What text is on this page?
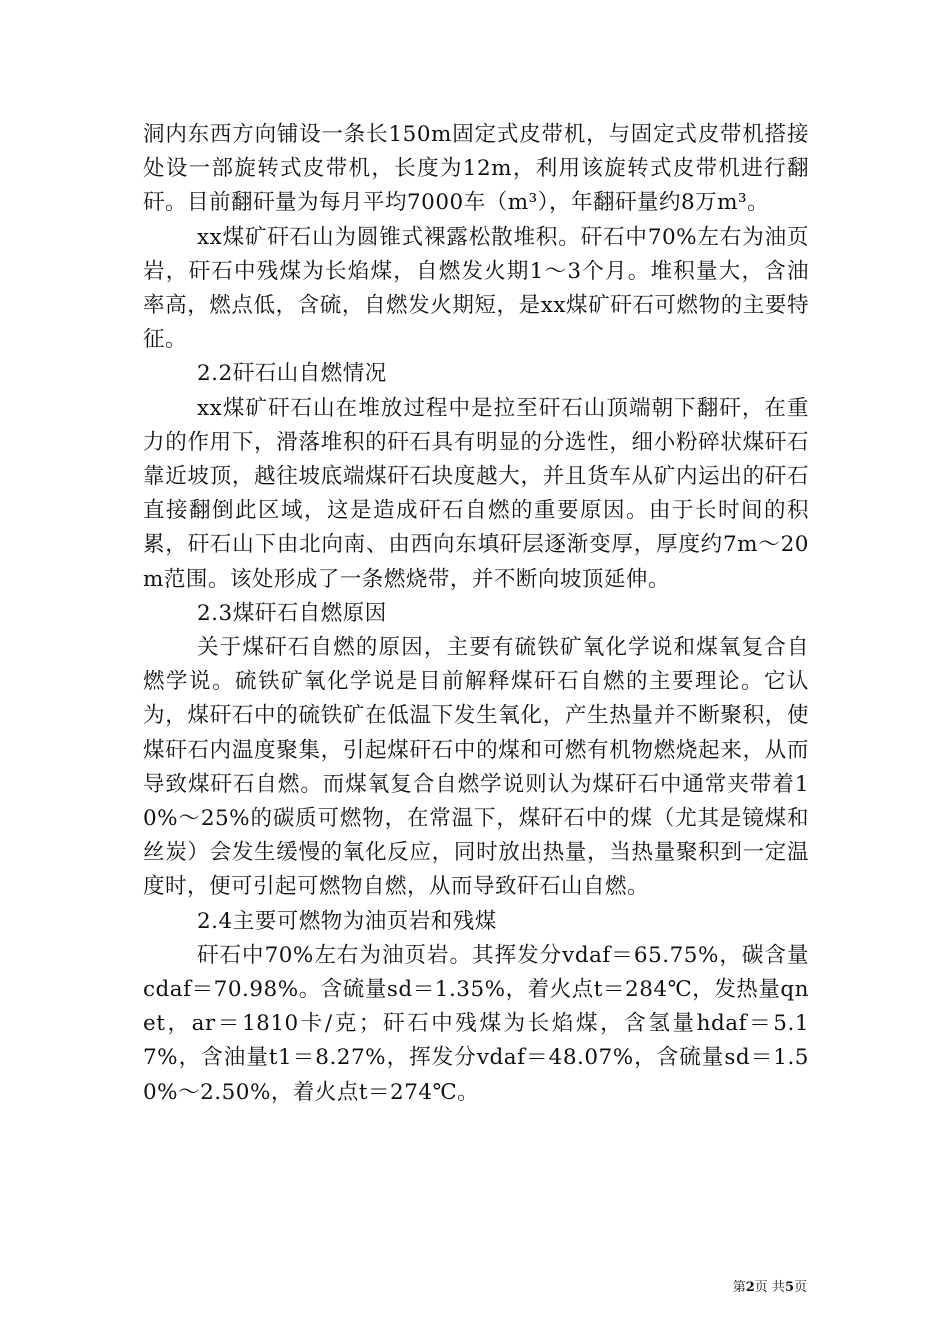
洞内东西方向铺设一条长150m固定式皮带机，与固定式皮带机搭接处设一部旋转式皮带机，长度为12m，利用该旋转式皮带机进行翻矸。目前翻矸量为每月平均7000车（m³），年翻矸量约8万m³。

xx煤矿矸石山为圆锥式裸露松散堆积。矸石中70%左右为油页岩，矸石中残煤为长焰煤，自燃发火期1～3个月。堆积量大，含油率高，燃点低，含硫，自燃发火期短，是xx煤矿矸石可燃物的主要特征。

2.2矸石山自燃情况

xx煤矿矸石山在堆放过程中是拉至矸石山顶端朝下翻矸，在重力的作用下，滑落堆积的矸石具有明显的分选性，细小粉碎状煤矸石靠近坡顶，越往坡底端煤矸石块度越大，并且货车从矿内运出的矸石直接翻倒此区域，这是造成矸石自燃的重要原因。由于长时间的积累，矸石山下由北向南、由西向东填矸层逐渐变厚，厚度约7m～20m范围。该处形成了一条燃烧带，并不断向坡顶延伸。

2.3煤矸石自燃原因

关于煤矸石自燃的原因，主要有硫铁矿氧化学说和煤氧复合自燃学说。硫铁矿氧化学说是目前解释煤矸石自燃的主要理论。它认为，煤矸石中的硫铁矿在低温下发生氧化，产生热量并不断聚积，使煤矸石内温度聚集，引起煤矸石中的煤和可燃有机物燃烧起来，从而导致煤矸石自燃。而煤氧复合自燃学说则认为煤矸石中通常夹带着10%～25%的碳质可燃物，在常温下，煤矸石中的煤（尤其是镜煤和丝炭）会发生缓慢的氧化反应，同时放出热量，当热量聚积到一定温度时，便可引起可燃物自燃，从而导致矸石山自燃。

2.4主要可燃物为油页岩和残煤

矸石中70%左右为油页岩。其挥发分vdaf＝65.75%，碳含量cdaf＝70.98%。含硫量sd＝1.35%，着火点t＝284℃，发热量qnet，ar＝1810卡/克；矸石中残煤为长焰煤，含氢量hdaf＝5.17%，含油量t1＝8.27%，挥发分vdaf＝48.07%，含硫量sd＝1.50%～2.50%，着火点t＝274℃。

第2页 共5页
